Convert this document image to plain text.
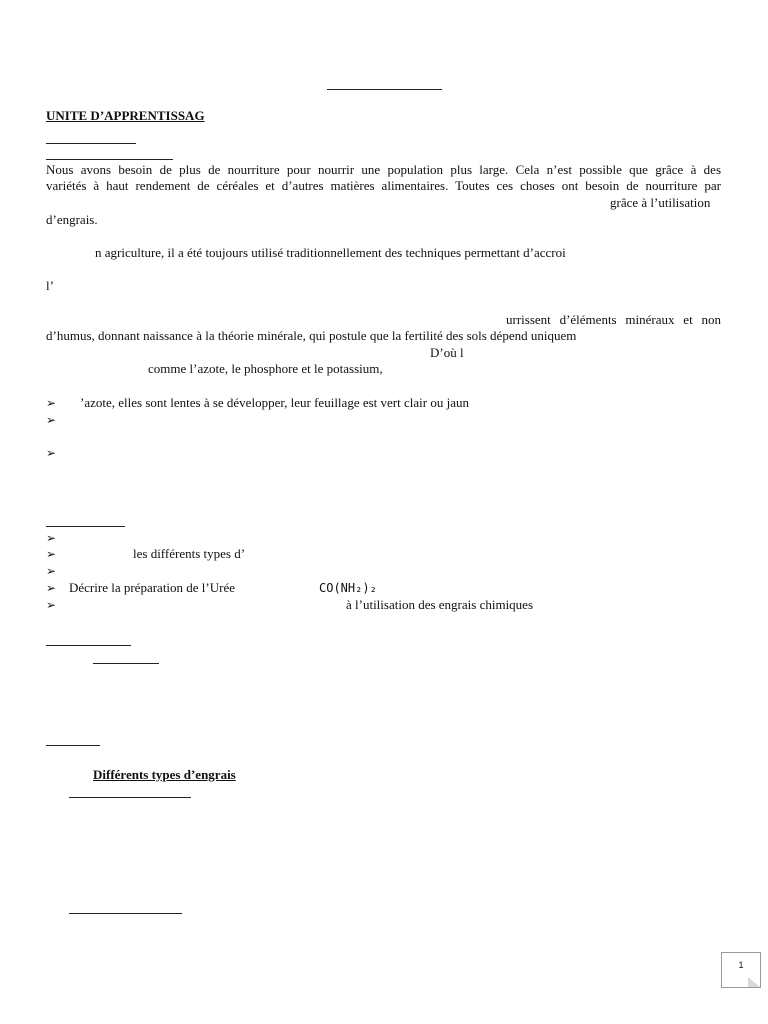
UNITE D’APPRENTISSAG
Nous avons besoin de plus de nourriture pour nourrir une population plus large. Cela n’est possible que grâce à des
variétés à haut rendement de céréales et d’autres matières alimentaires. Toutes ces choses ont besoin de nourriture par
grâce à l’utilisation
d’engrais.
n agriculture, il a été toujours utilisé traditionnellement des techniques permettant d’accroi
l’
urrissent d’éléments minéraux et non
d’humus, donnant naissance à la théorie minérale, qui postule que la fertilité des sols dépend uniquem
D’où l
comme l’azote, le phosphore et le potassium,
➢ ’azote, elles sont lentes à se développer, leur feuillage est vert clair ou jaun
➢
➢
➢
➢	les différents types d’
➢
➢ Décrire la préparation de l’Urée	CO(NH₂)₂
➢	à l’utilisation des engrais chimiques
Différents types d’engrais
1
